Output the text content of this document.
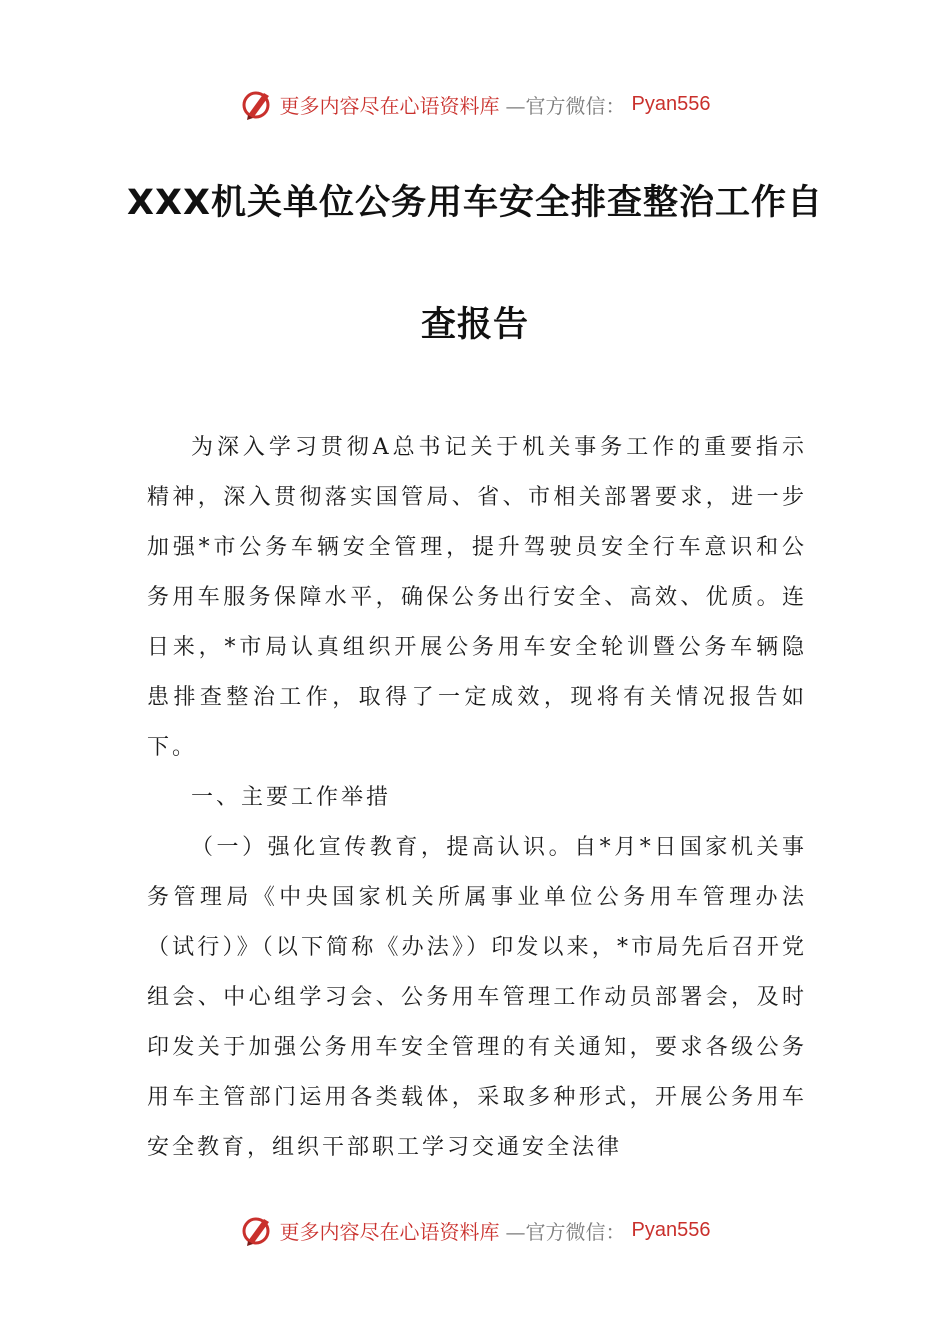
更多内容尽在心语资料库 —官方微信： Pyan556
XXX机关单位公务用车安全排查整治工作自
查报告

为深入学习贯彻A总书记关于机关事务工作的重要指示精神，深入贯彻落实国管局、省、市相关部署要求，进一步加强*市公务车辆安全管理，提升驾驶员安全行车意识和公务用车服务保障水平，确保公务出行安全、高效、优质。连日来，*市局认真组织开展公务用车安全轮训暨公务车辆隐患排查整治工作，取得了一定成效，现将有关情况报告如下。

一、主要工作举措

（一）强化宣传教育，提高认识。自*月*日国家机关事务管理局《中央国家机关所属事业单位公务用车管理办法（试行）》（以下简称《办法》）印发以来，*市局先后召开党组会、中心组学习会、公务用车管理工作动员部署会，及时印发关于加强公务用车安全管理的有关通知，要求各级公务用车主管部门运用各类载体，采取多种形式，开展公务用车安全教育，组织干部职工学习交通安全法律

更多内容尽在心语资料库 —官方微信： Pyan556
